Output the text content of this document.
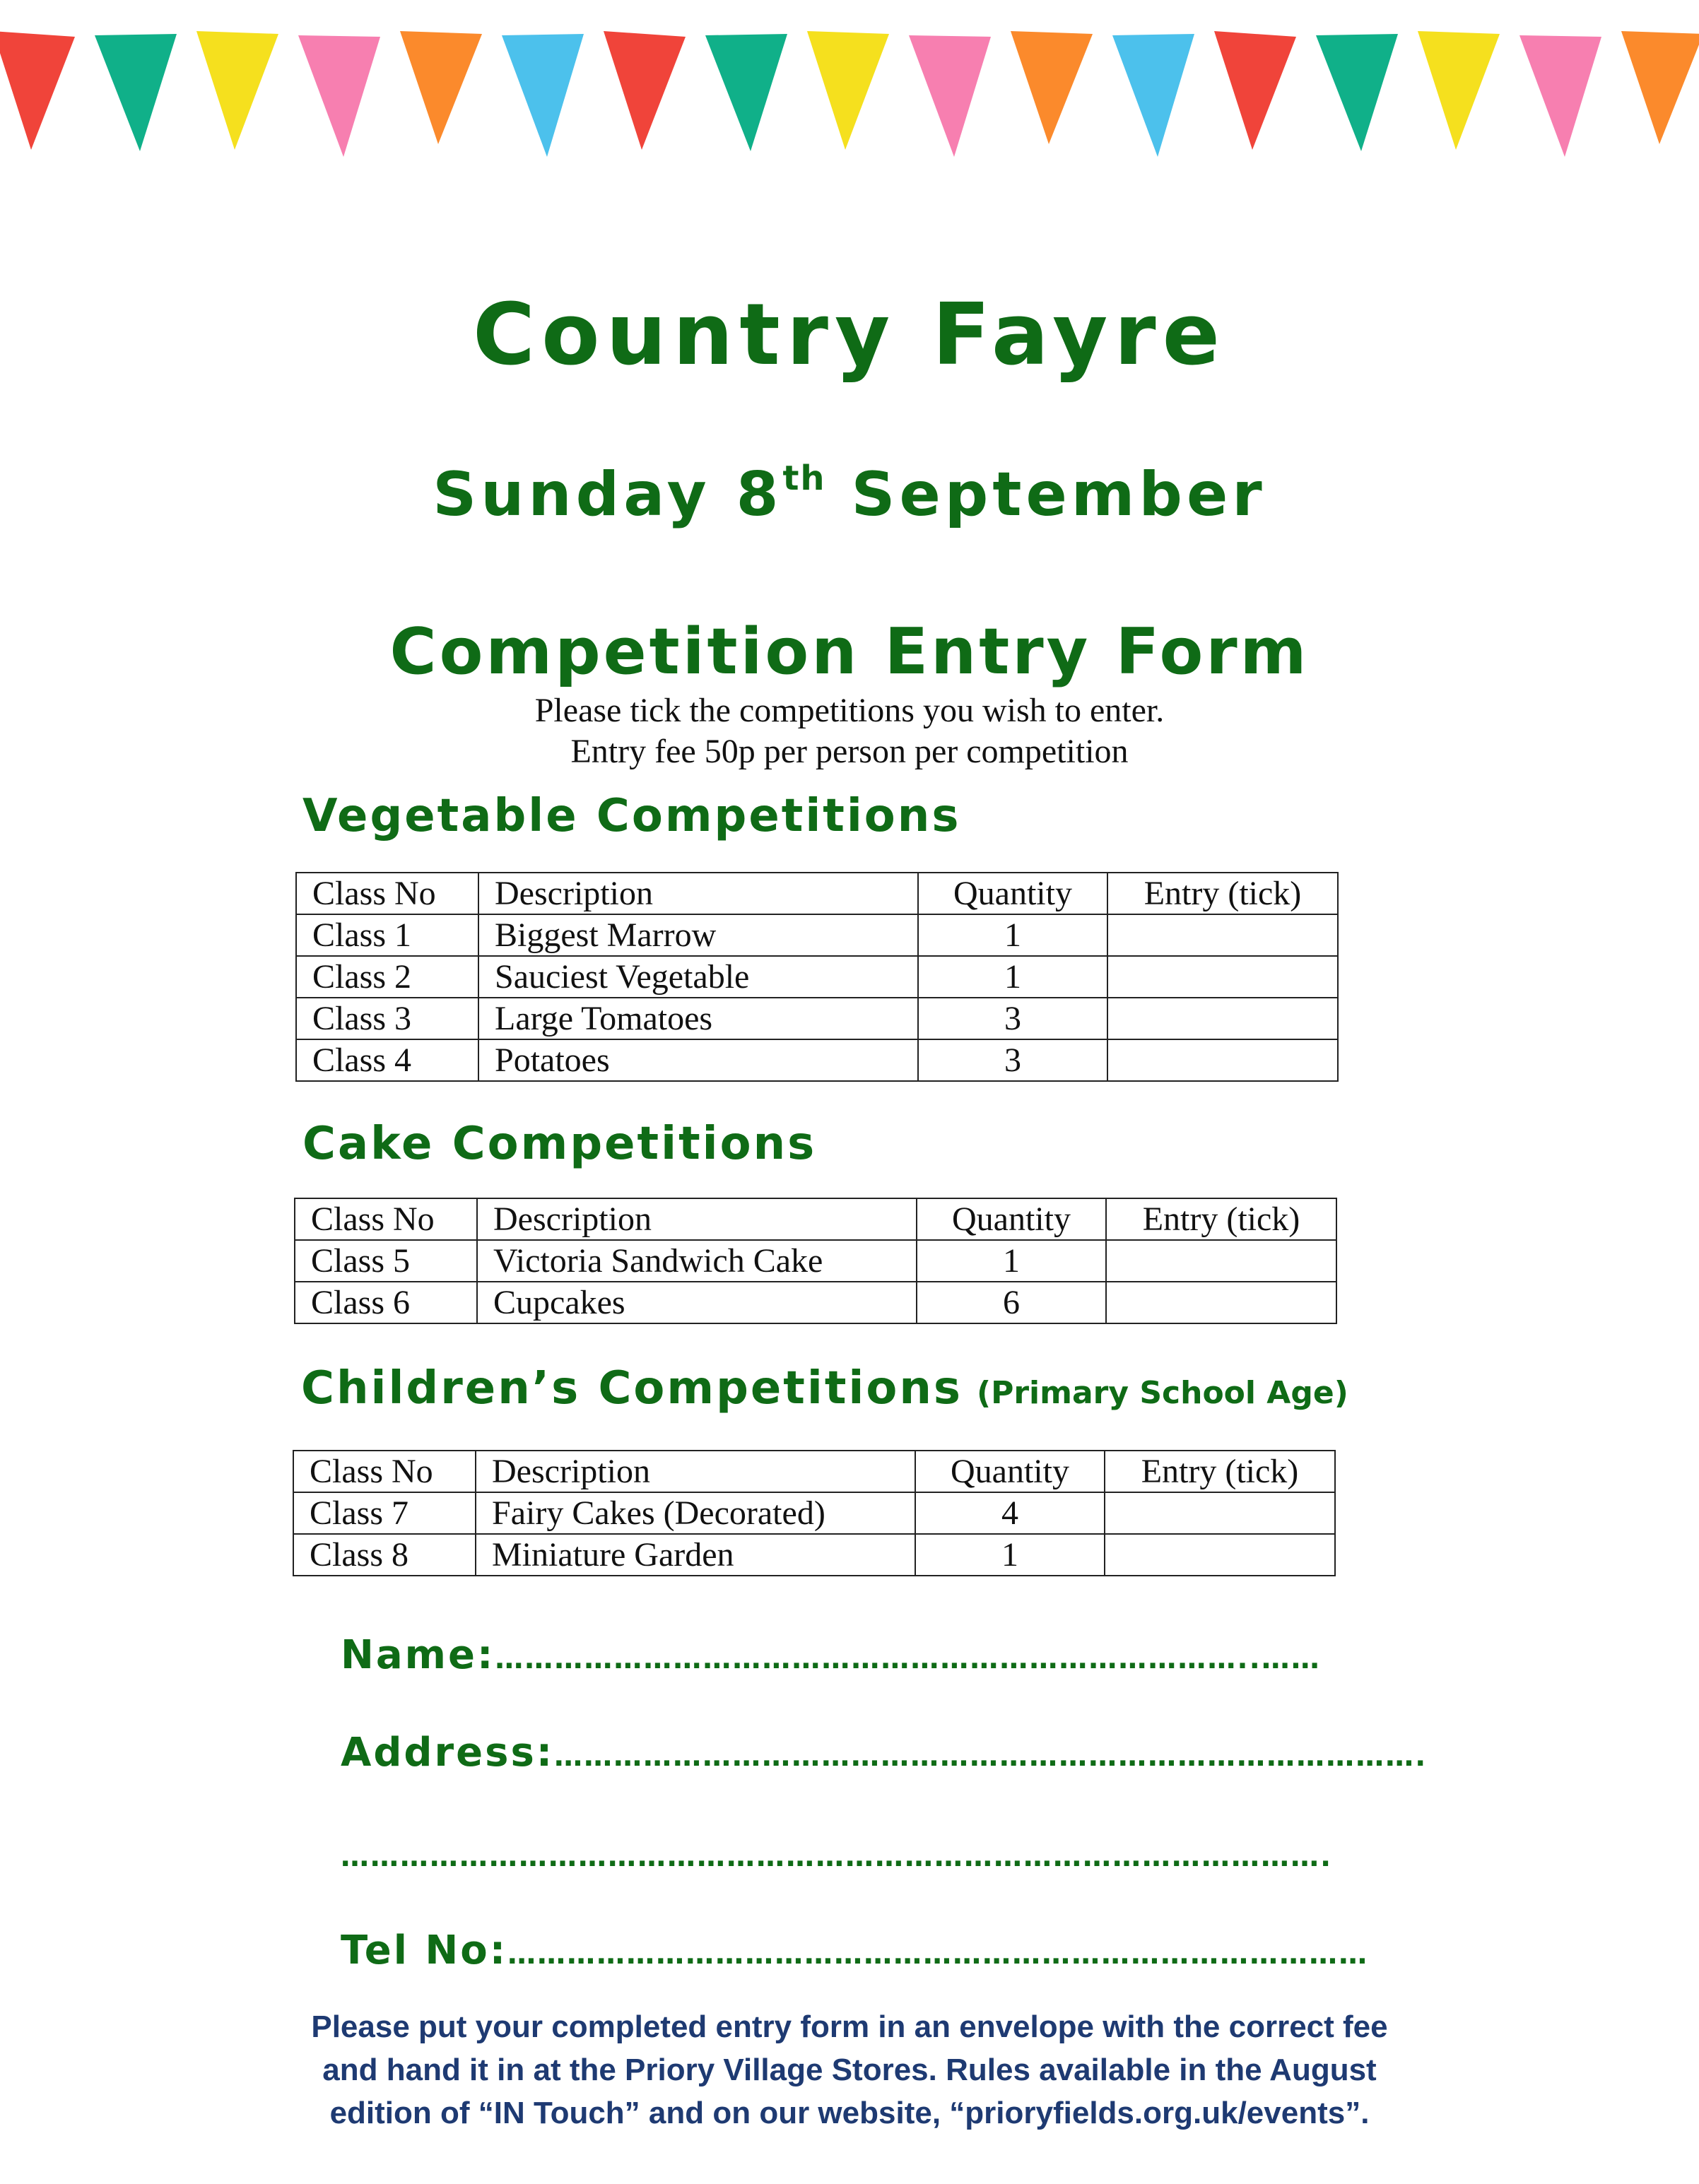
Country Fayre
Sunday 8th September
Competition Entry Form
Please tick the competitions you wish to enter.
Entry fee 50p per person per competition
Vegetable Competitions
Class No	Description	Quantity	Entry (tick)
Class 1	Biggest Marrow	1	
Class 2	Sauciest Vegetable	1	
Class 3	Large Tomatoes	3	
Class 4	Potatoes	3	
Cake Competitions
Class No	Description	Quantity	Entry (tick)
Class 5	Victoria Sandwich Cake	1	
Class 6	Cupcakes	6	
Children’s Competitions (Primary School Age)
Class No	Description	Quantity	Entry (tick)
Class 7	Fairy Cakes (Decorated)	4	
Class 8	Miniature Garden	1	
Name:…………………………………………………………………..……
Address:…………………………………………………………………………….
……………………………………………………………………………………….
Tel No:……………………………………………………………………………
Please put your completed entry form in an envelope with the correct fee
and hand it in at the Priory Village Stores. Rules available in the August
edition of “IN Touch” and on our website, “prioryfields.org.uk/events”.
